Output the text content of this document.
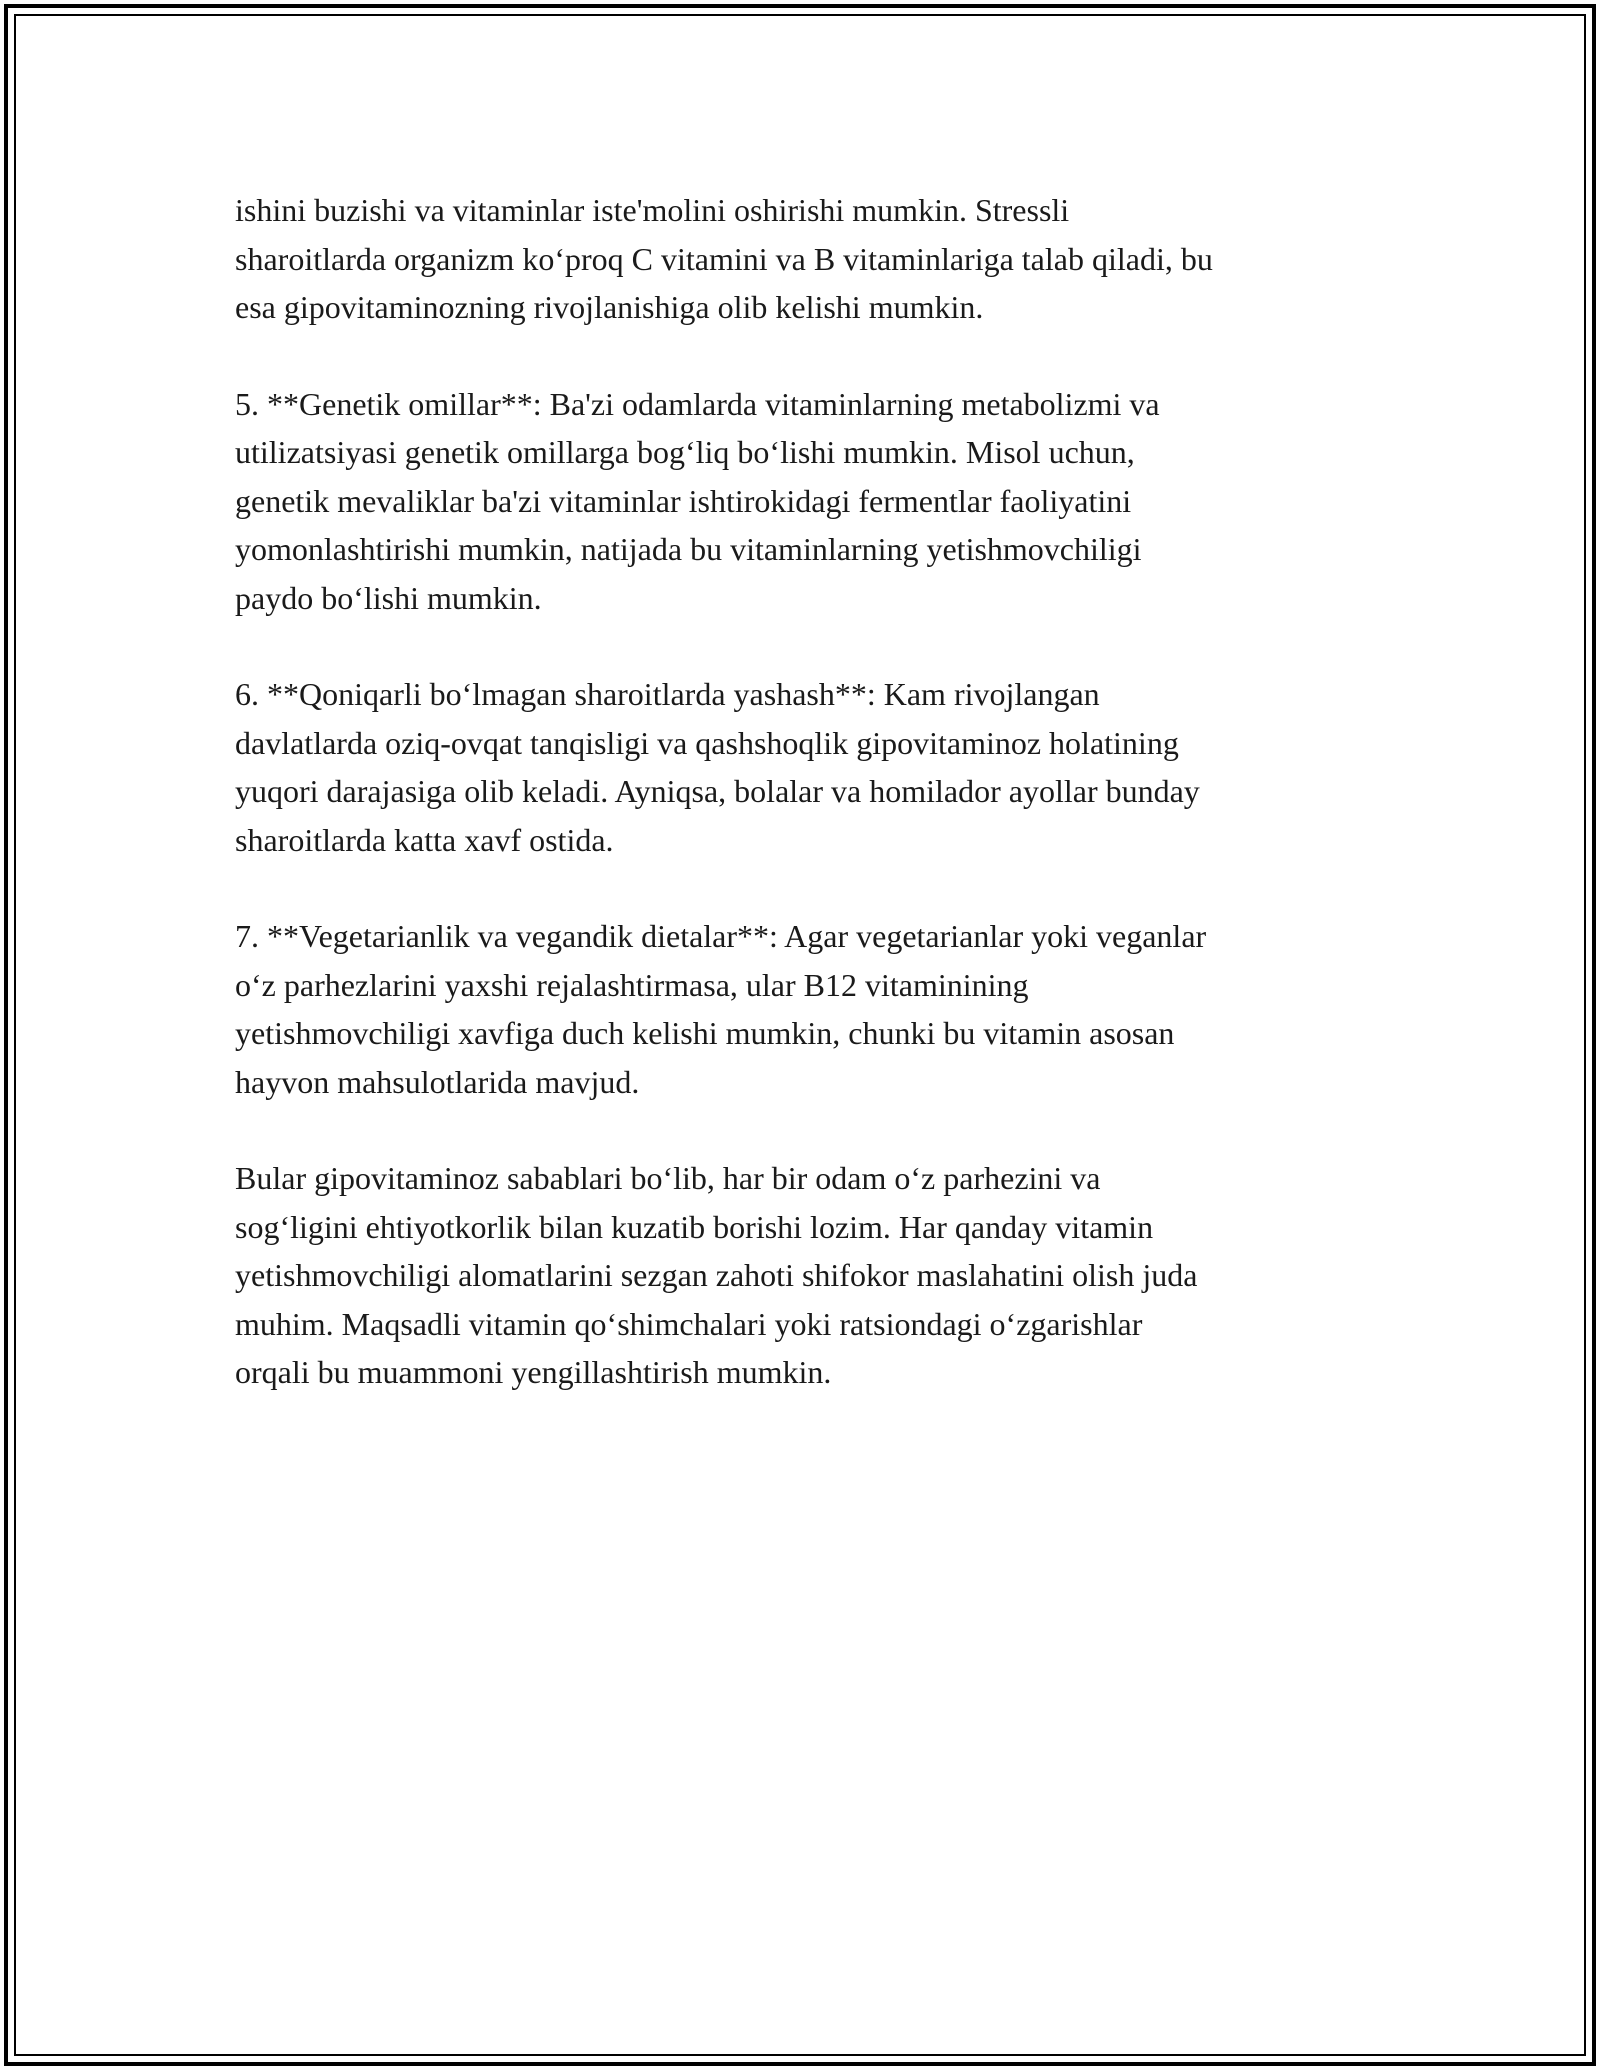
ishini buzishi va vitaminlar iste'molini oshirishi mumkin. Stressli
sharoitlarda organizm ko‘proq C vitamini va B vitaminlariga talab qiladi, bu
esa gipovitaminozning rivojlanishiga olib kelishi mumkin.

5. **Genetik omillar**: Ba'zi odamlarda vitaminlarning metabolizmi va
utilizatsiyasi genetik omillarga bog‘liq bo‘lishi mumkin. Misol uchun,
genetik mevaliklar ba'zi vitaminlar ishtirokidagi fermentlar faoliyatini
yomonlashtirishi mumkin, natijada bu vitaminlarning yetishmovchiligi
paydo bo‘lishi mumkin.

6. **Qoniqarli bo‘lmagan sharoitlarda yashash**: Kam rivojlangan
davlatlarda oziq-ovqat tanqisligi va qashshoqlik gipovitaminoz holatining
yuqori darajasiga olib keladi. Ayniqsa, bolalar va homilador ayollar bunday
sharoitlarda katta xavf ostida.

7. **Vegetarianlik va vegandik dietalar**: Agar vegetarianlar yoki veganlar
o‘z parhezlarini yaxshi rejalashtirmasa, ular B12 vitaminining
yetishmovchiligi xavfiga duch kelishi mumkin, chunki bu vitamin asosan
hayvon mahsulotlarida mavjud.

Bular gipovitaminoz sabablari bo‘lib, har bir odam o‘z parhezini va
sog‘ligini ehtiyotkorlik bilan kuzatib borishi lozim. Har qanday vitamin
yetishmovchiligi alomatlarini sezgan zahoti shifokor maslahatini olish juda
muhim. Maqsadli vitamin qo‘shimchalari yoki ratsiondagi o‘zgarishlar
orqali bu muammoni yengillashtirish mumkin.
